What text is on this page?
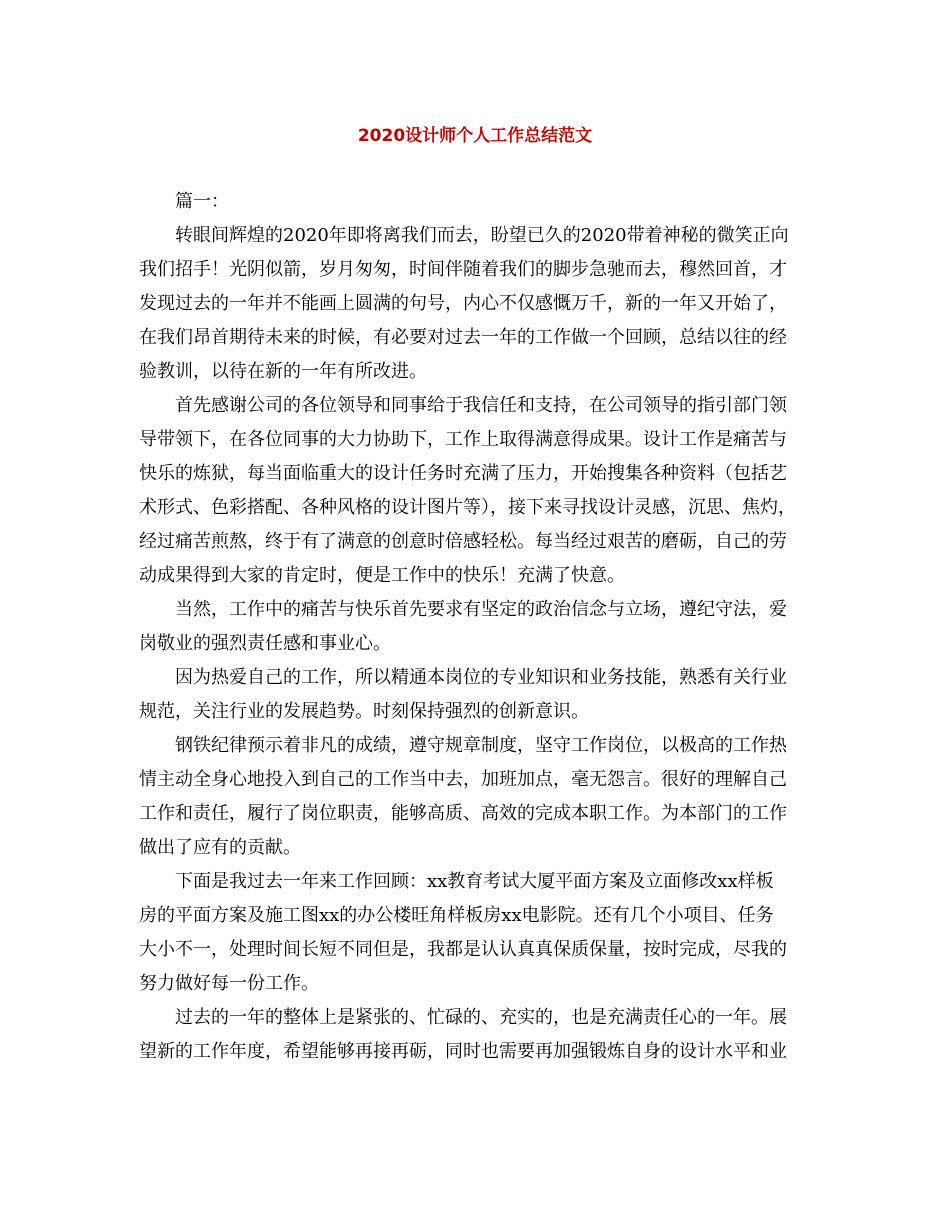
2020设计师个人工作总结范文
篇一：
转眼间辉煌的2020年即将离我们而去，盼望已久的2020带着神秘的微笑正向
我们招手！光阴似箭，岁月匆匆，时间伴随着我们的脚步急驰而去，穆然回首，才
发现过去的一年并不能画上圆满的句号，内心不仅感慨万千，新的一年又开始了，
在我们昂首期待未来的时候，有必要对过去一年的工作做一个回顾，总结以往的经
验教训，以待在新的一年有所改进。
首先感谢公司的各位领导和同事给于我信任和支持，在公司领导的指引部门领
导带领下，在各位同事的大力协助下，工作上取得满意得成果。设计工作是痛苦与
快乐的炼狱，每当面临重大的设计任务时充满了压力，开始搜集各种资料（包括艺
术形式、色彩搭配、各种风格的设计图片等），接下来寻找设计灵感，沉思、焦灼，
经过痛苦煎熬，终于有了满意的创意时倍感轻松。每当经过艰苦的磨砺，自己的劳
动成果得到大家的肯定时，便是工作中的快乐！充满了快意。
当然，工作中的痛苦与快乐首先要求有坚定的政治信念与立场，遵纪守法，爱
岗敬业的强烈责任感和事业心。
因为热爱自己的工作，所以精通本岗位的专业知识和业务技能，熟悉有关行业
规范，关注行业的发展趋势。时刻保持强烈的创新意识。
钢铁纪律预示着非凡的成绩，遵守规章制度，坚守工作岗位，以极高的工作热
情主动全身心地投入到自己的工作当中去，加班加点，毫无怨言。很好的理解自己
工作和责任，履行了岗位职责，能够高质、高效的完成本职工作。为本部门的工作
做出了应有的贡献。
下面是我过去一年来工作回顾：xx教育考试大厦平面方案及立面修改xx样板
房的平面方案及施工图xx的办公楼旺角样板房xx电影院。还有几个小项目、任务
大小不一，处理时间长短不同但是，我都是认认真真保质保量，按时完成，尽我的
努力做好每一份工作。
过去的一年的整体上是紧张的、忙碌的、充实的，也是充满责任心的一年。展
望新的工作年度，希望能够再接再砺，同时也需要再加强锻炼自身的设计水平和业
